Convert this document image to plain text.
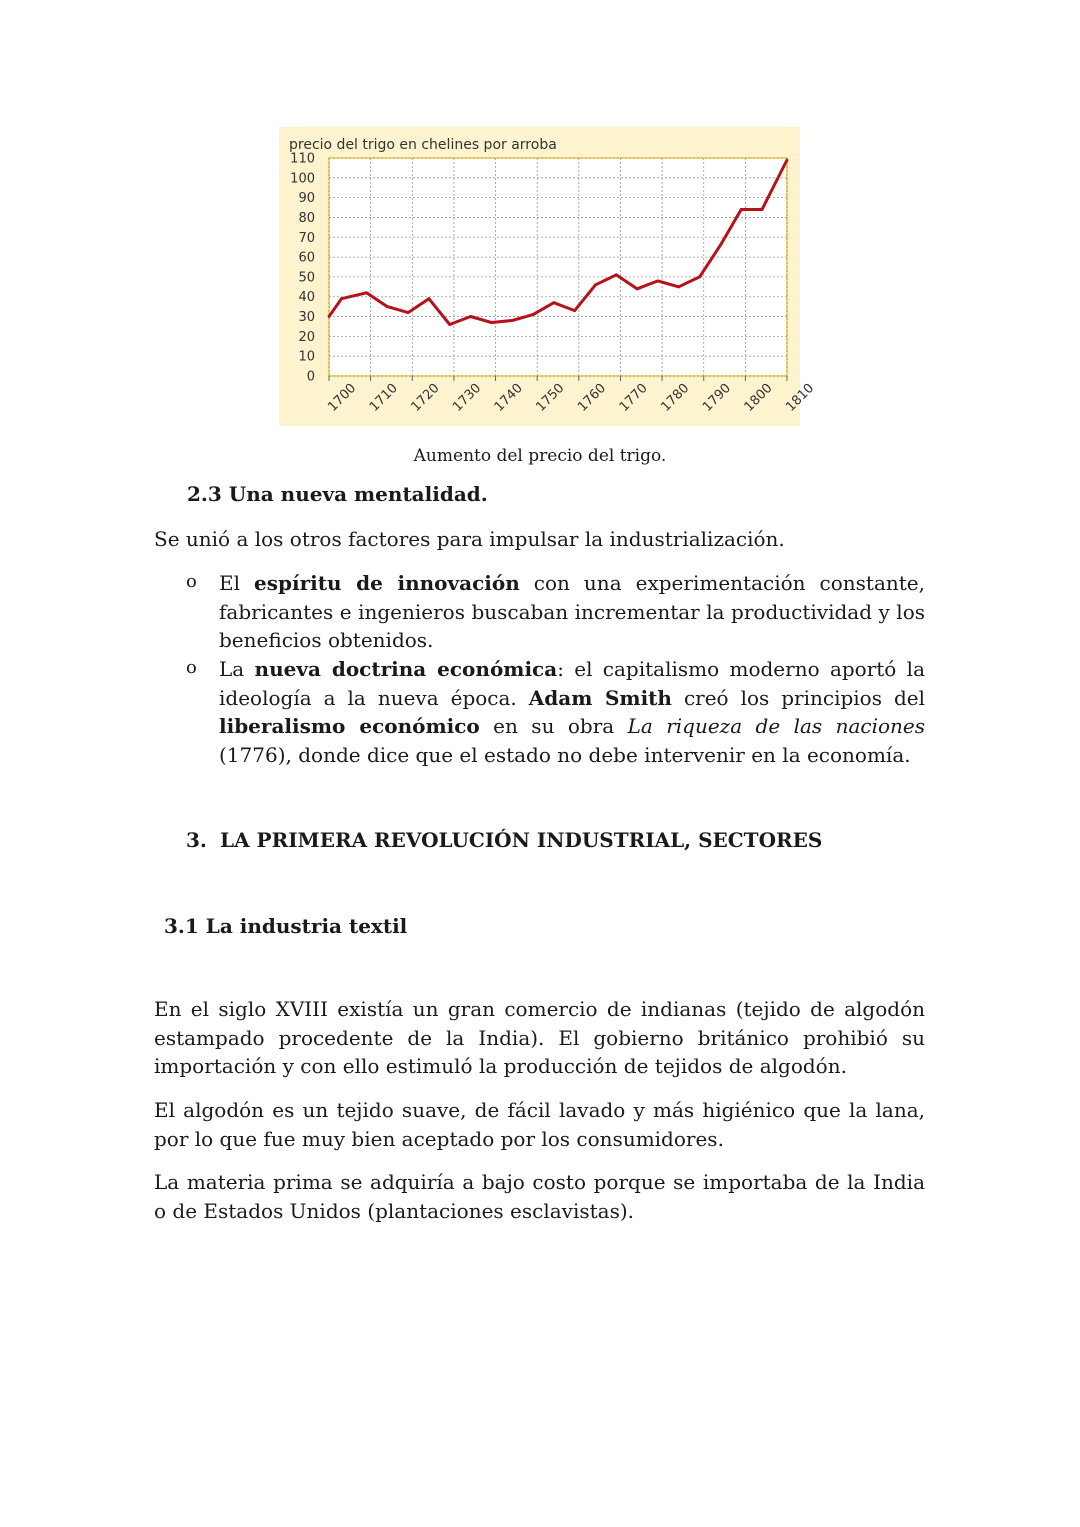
precio del trigo en chelines por arroba
110
100
90
80
70
60
50
40
30
20
10
0
1700 1710 1720 1730 1740 1750 1760 1770 1780 1790 1800 1810
Aumento del precio del trigo.
2.3 Una nueva mentalidad.
Se unió a los otros factores para impulsar la industrialización.
o El espíritu de innovación con una experimentación constante, fabricantes e ingenieros buscaban incrementar la productividad y los beneficios obtenidos.
o La nueva doctrina económica: el capitalismo moderno aportó la ideología a la nueva época. Adam Smith creó los principios del liberalismo económico en su obra La riqueza de las naciones (1776), donde dice que el estado no debe intervenir en la economía.
3. LA PRIMERA REVOLUCIÓN INDUSTRIAL, SECTORES
3.1 La industria textil
En el siglo XVIII existía un gran comercio de indianas (tejido de algodón estampado procedente de la India). El gobierno británico prohibió su importación y con ello estimuló la producción de tejidos de algodón.
El algodón es un tejido suave, de fácil lavado y más higiénico que la lana, por lo que fue muy bien aceptado por los consumidores.
La materia prima se adquiría a bajo costo porque se importaba de la India o de Estados Unidos (plantaciones esclavistas).
